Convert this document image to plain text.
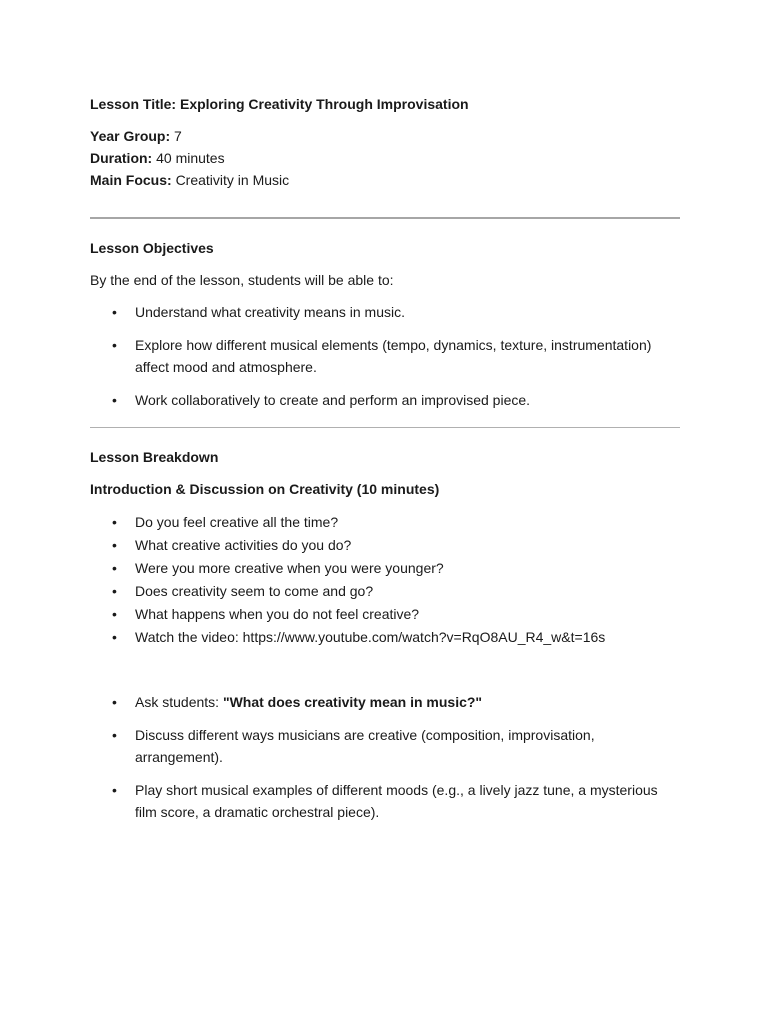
Lesson Title: Exploring Creativity Through Improvisation

Year Group: 7

Duration: 40 minutes

Main Focus: Creativity in Music

Lesson Objectives

By the end of the lesson, students will be able to:

• Understand what creativity means in music.
• Explore how different musical elements (tempo, dynamics, texture, instrumentation) affect mood and atmosphere.
• Work collaboratively to create and perform an improvised piece.

Lesson Breakdown

Introduction & Discussion on Creativity (10 minutes)

• Do you feel creative all the time?
• What creative activities do you do?
• Were you more creative when you were younger?
• Does creativity seem to come and go?
• What happens when you do not feel creative?
• Watch the video: https://www.youtube.com/watch?v=RqO8AU_R4_w&t=16s
• Ask students: "What does creativity mean in music?"
• Discuss different ways musicians are creative (composition, improvisation, arrangement).
• Play short musical examples of different moods (e.g., a lively jazz tune, a mysterious film score, a dramatic orchestral piece).
